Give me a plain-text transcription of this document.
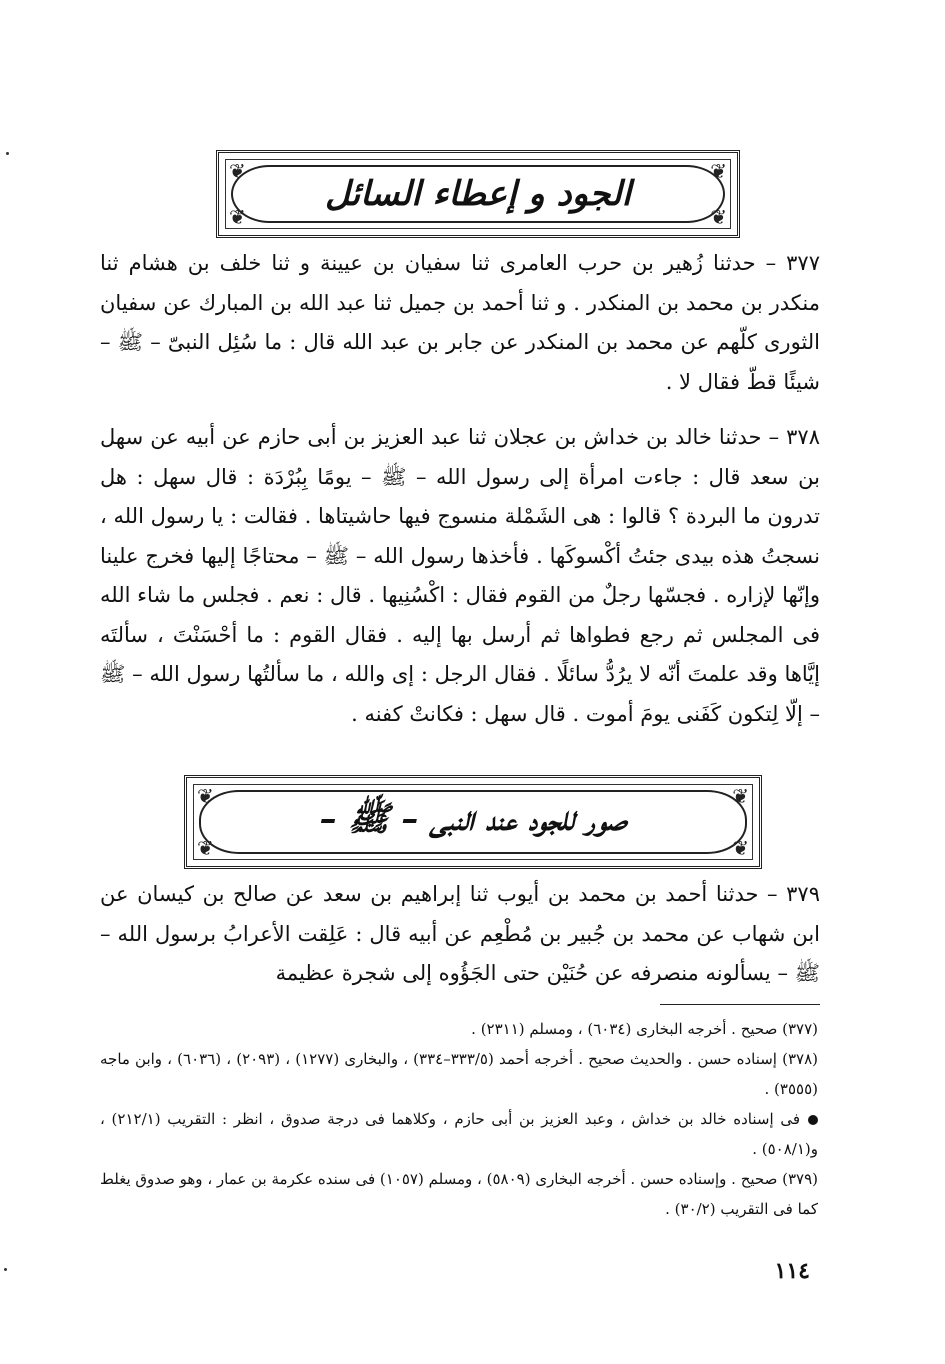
❦	❦
❦	❦
الجود و إعطاء السائل

٣٧٧ – حدثنا زُهير بن حرب العامرى ثنا سفيان بن عيينة و ثنا خلف بن هشام ثنا منكدر بن محمد بن المنكدر . و ثنا أحمد بن جميل ثنا عبد الله بن المبارك عن سفيان الثورى كلّهم عن محمد بن المنكدر عن جابر بن عبد الله قال : ما سُئِل النبىّ – ﷺ – شيئًا قطّ فقال لا .

٣٧٨ – حدثنا خالد بن خداش بن عجلان ثنا عبد العزيز بن أبى حازم عن أبيه عن سهل بن سعد قال : جاءت امرأة إلى رسول الله – ﷺ – يومًا بِبُرْدَة : قال سهل : هل تدرون ما البردة ؟ قالوا : هى الشَمْلة منسوج فيها حاشيتاها . فقالت : يا رسول الله ، نسجتُ هذه بيدى جئتُ أكْسوكَها . فأخذها رسول الله – ﷺ – محتاجًا إليها فخرج علينا وإنّها لإزاره . فجسّها رجلٌ من القوم فقال : اكْسُنِيها . قال : نعم . فجلس ما شاء الله فى المجلس ثم رجع فطواها ثم أرسل بها إليه . فقال القوم : ما أحْسَنْتَ ، سألتَه إيَّاها وقد علمتَ أنّه لا يرُدُّ سائلًا . فقال الرجل : إى والله ، ما سألتُها رسول الله – ﷺ – إلّا لِتكون كَفَنى يومَ أموت . قال سهل : فكانتْ كفنه .

❦	❦
❦	❦
صور للجود عند النبى – ﷺ –

٣٧٩ – حدثنا أحمد بن محمد بن أيوب ثنا إبراهيم بن سعد عن صالح بن كيسان عن ابن شهاب عن محمد بن جُبير بن مُطْعِم عن أبيه قال : عَلِقت الأعرابُ برسول الله – ﷺ – يسألونه منصرفه عن حُنَيْن حتى الجَؤُوه إلى شجرة عظيمة

(٣٧٧) صحيح . أخرجه البخارى (٦٠٣٤) ، ومسلم (٢٣١١) .
(٣٧٨) إسناده حسن . والحديث صحيح . أخرجه أحمد (٣٣٣/٥–٣٣٤) ، والبخارى (١٢٧٧) ، (٢٠٩٣) ، (٦٠٣٦) ، وابن ماجه (٣٥٥٥) .
فى إسناده خالد بن خداش ، وعبد العزيز بن أبى حازم ، وكلاهما فى درجة صدوق ، انظر : التقريب (٢١٢/١) ، و(٥٠٨/١) .
(٣٧٩) صحيح . وإسناده حسن . أخرجه البخارى (٥٨٠٩) ، ومسلم (١٠٥٧) فى سنده عكرمة بن عمار ، وهو صدوق يغلط كما فى التقريب (٣٠/٢) .
١١٤
